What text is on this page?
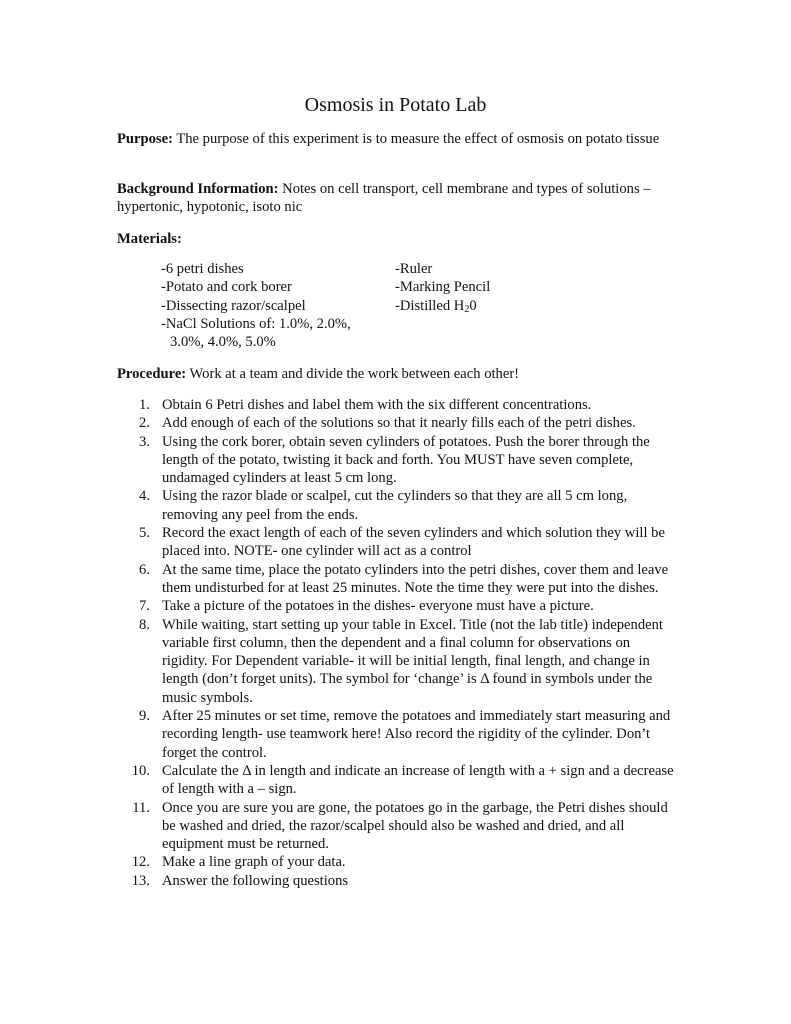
Osmosis in Potato Lab
Purpose: The purpose of this experiment is to measure the effect of osmosis on potato tissue
Background Information: Notes on cell transport, cell membrane and types of solutions – hypertonic, hypotonic, isoto nic
Materials:
-6 petri dishes
-Potato and cork borer
-Dissecting razor/scalpel
-NaCl Solutions of: 1.0%, 2.0%,
3.0%, 4.0%, 5.0%
-Ruler
-Marking Pencil
-Distilled $H_20$
Procedure: Work at a team and divide the work between each other!
1. Obtain 6 Petri dishes and label them with the six different concentrations.
2. Add enough of each of the solutions so that it nearly fills each of the petri dishes.
3. Using the cork borer, obtain seven cylinders of potatoes. Push the borer through the length of the potato, twisting it back and forth. You MUST have seven complete, undamaged cylinders at least 5 cm long.
4. Using the razor blade or scalpel, cut the cylinders so that they are all 5 cm long, removing any peel from the ends.
5. Record the exact length of each of the seven cylinders and which solution they will be placed into. NOTE- one cylinder will act as a control
6. At the same time, place the potato cylinders into the petri dishes, cover them and leave them undisturbed for at least 25 minutes. Note the time they were put into the dishes.
7. Take a picture of the potatoes in the dishes- everyone must have a picture.
8. While waiting, start setting up your table in Excel. Title (not the lab title) independent variable first column, then the dependent and a final column for observations on rigidity. For Dependent variable- it will be initial length, final length, and change in length (don’t forget units). The symbol for ‘change’ is Δ found in symbols under the music symbols.
9. After 25 minutes or set time, remove the potatoes and immediately start measuring and recording length- use teamwork here! Also record the rigidity of the cylinder. Don’t forget the control.
10. Calculate the Δ in length and indicate an increase of length with a + sign and a decrease of length with a – sign.
11. Once you are sure you are gone, the potatoes go in the garbage, the Petri dishes should be washed and dried, the razor/scalpel should also be washed and dried, and all equipment must be returned.
12. Make a line graph of your data.
13. Answer the following questions
